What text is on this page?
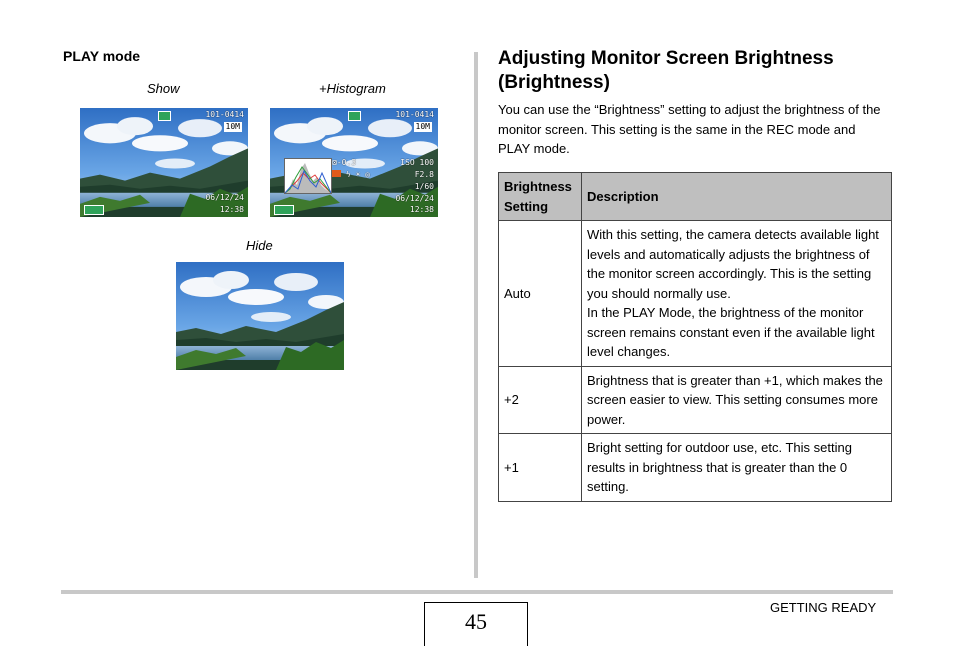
PLAY mode
Show	+Histogram
Hide
101-0414
10M
06/12/24
12:38
101-0414
10M
⊠-0.3
ϟ ☀ ◎
ISO 100
F2.8
1/60
06/12/24
12:38
Adjusting Monitor Screen Brightness (Brightness)
You can use the “Brightness” setting to adjust the brightness of the monitor screen. This setting is the same in the REC mode and PLAY mode.
Brightness Setting	Description
Auto	With this setting, the camera detects available light levels and automatically adjusts the brightness of the monitor screen accordingly. This is the setting you should normally use.
In the PLAY Mode, the brightness of the monitor screen remains constant even if the available light level changes.

+2	Brightness that is greater than +1, which makes the screen easier to view. This setting consumes more power.
+1	Bright setting for outdoor use, etc. This setting results in brightness that is greater than the 0 setting.
45
GETTING READY
